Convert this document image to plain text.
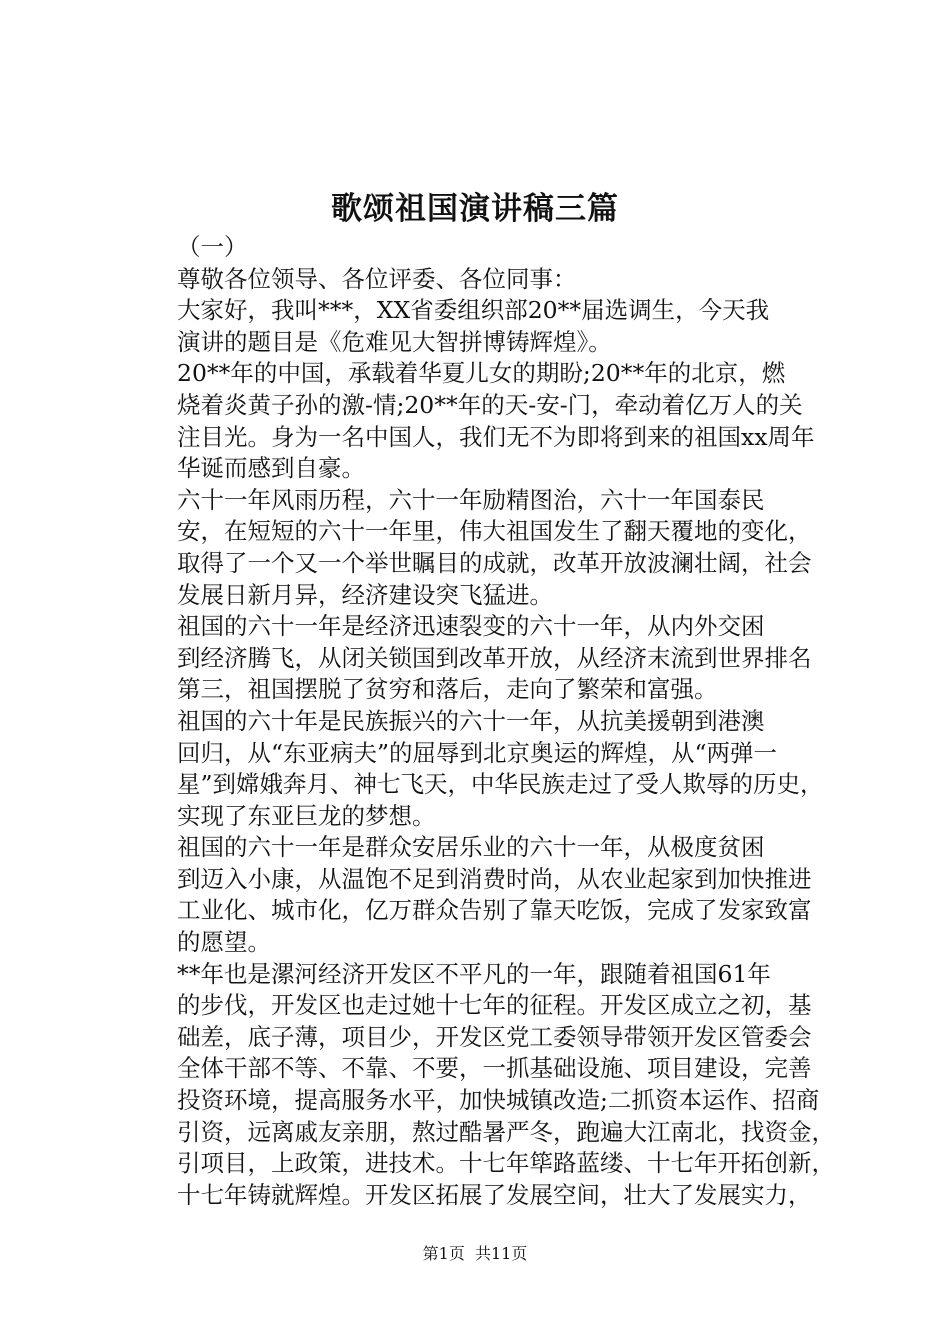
歌颂祖国演讲稿三篇

（一）

尊敬各位领导、各位评委、各位同事：

大家好，我叫***，XX省委组织部20**届选调生，今天我
演讲的题目是《危难见大智拼博铸辉煌》。

20**年的中国，承载着华夏儿女的期盼;20**年的北京，燃
烧着炎黄子孙的激-情;20**年的天-安-门，牵动着亿万人的关
注目光。身为一名中国人，我们无不为即将到来的祖国xx周年
华诞而感到自豪。

六十一年风雨历程，六十一年励精图治，六十一年国泰民
安，在短短的六十一年里，伟大祖国发生了翻天覆地的变化，
取得了一个又一个举世瞩目的成就，改革开放波澜壮阔，社会
发展日新月异，经济建设突飞猛进。

祖国的六十一年是经济迅速裂变的六十一年，从内外交困
到经济腾飞，从闭关锁国到改革开放，从经济末流到世界排名
第三，祖国摆脱了贫穷和落后，走向了繁荣和富强。

祖国的六十年是民族振兴的六十一年，从抗美援朝到港澳
回归，从“东亚病夫”的屈辱到北京奥运的辉煌，从“两弹一
星”到嫦娥奔月、神七飞天，中华民族走过了受人欺辱的历史，
实现了东亚巨龙的梦想。

祖国的六十一年是群众安居乐业的六十一年，从极度贫困
到迈入小康，从温饱不足到消费时尚，从农业起家到加快推进
工业化、城市化，亿万群众告别了靠天吃饭，完成了发家致富
的愿望。

**年也是漯河经济开发区不平凡的一年，跟随着祖国61年
的步伐，开发区也走过她十七年的征程。开发区成立之初，基
础差，底子薄，项目少，开发区党工委领导带领开发区管委会
全体干部不等、不靠、不要，一抓基础设施、项目建设，完善
投资环境，提高服务水平，加快城镇改造;二抓资本运作、招商
引资，远离戚友亲朋，熬过酷暑严冬，跑遍大江南北，找资金，
引项目，上政策，进技术。十七年筚路蓝缕、十七年开拓创新，
十七年铸就辉煌。开发区拓展了发展空间，壮大了发展实力，

第1页  共11页
